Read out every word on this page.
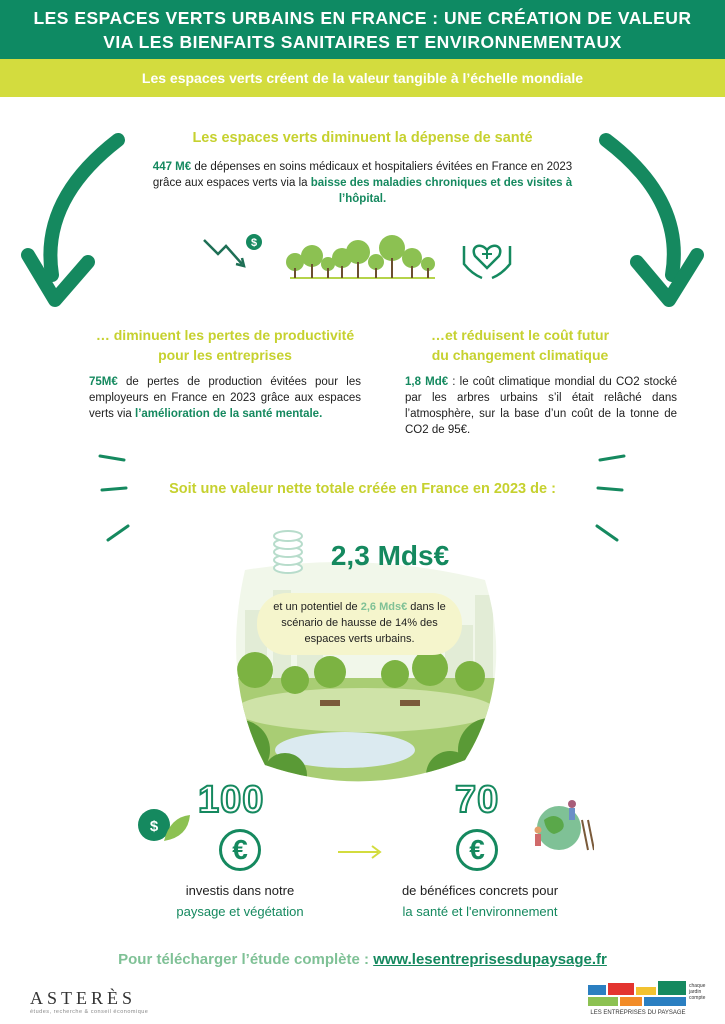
LES ESPACES VERTS URBAINS EN FRANCE : UNE CRÉATION DE VALEUR
VIA LES BIENFAITS SANITAIRES ET ENVIRONNEMENTAUX
Les espaces verts créent de la valeur tangible à l’échelle mondiale
Les espaces verts diminuent la dépense de santé
447 M€ de dépenses en soins médicaux et hospitaliers évitées en France en 2023 grâce aux espaces verts via la baisse des maladies chroniques et des visites à l’hôpital.
$
… diminuent les pertes de productivité
pour les entreprises
75M€ de pertes de production évitées pour les employeurs en France en 2023 grâce aux espaces verts via l’amélioration de la santé mentale.
…et réduisent le coût futur
du changement climatique
1,8 Md€ : le coût climatique mondial du CO2 stocké par les arbres urbains s’il était relâché dans l’atmosphère, sur la base d’un coût de la tonne de CO2 de 95€.
Soit une valeur nette totale créée en France en 2023 de :
2,3 Mds€
et un potentiel de 2,6 Mds€ dans le scénario de hausse de 14% des espaces verts urbains.
$
100
€
investis dans notre
paysage et végétation
70
€
de bénéfices concrets pour
la santé et l'environnement
Pour télécharger l’étude complète : www.lesentreprisesdupaysage.fr
ASTERÈS
études, recherche & conseil économique
chaque
jardin
compte
LES ENTREPRISES DU PAYSAGE
